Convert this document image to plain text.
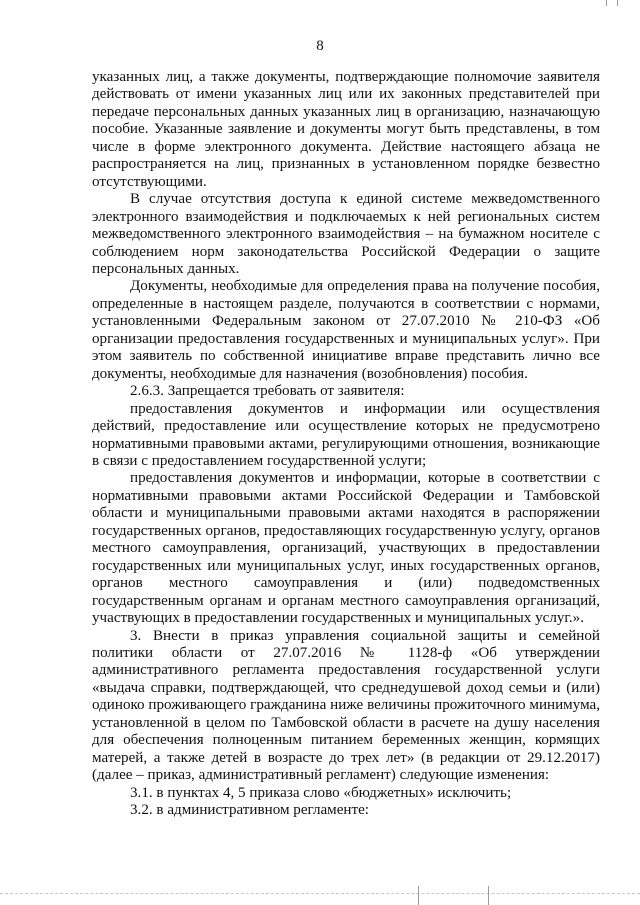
8

указанных лиц, а также документы, подтверждающие полномочие заявителя действовать от имени указанных лиц или их законных представителей при передаче персональных данных указанных лиц в организацию, назначающую пособие. Указанные заявление и документы могут быть представлены, в том числе в форме электронного документа. Действие настоящего абзаца не распространяется на лиц, признанных в установленном порядке безвестно отсутствующими.

В случае отсутствия доступа к единой системе межведомственного электронного взаимодействия и подключаемых к ней региональных систем межведомственного электронного взаимодействия – на бумажном носителе с соблюдением норм законодательства Российской Федерации о защите персональных данных.

Документы, необходимые для определения права на получение пособия, определенные в настоящем разделе, получаются в соответствии с нормами, установленными Федеральным законом от 27.07.2010 № 210-ФЗ «Об организации предоставления государственных и муниципальных услуг». При этом заявитель по собственной инициативе вправе представить лично все документы, необходимые для назначения (возобновления) пособия.

2.6.3. Запрещается требовать от заявителя:

предоставления документов и информации или осуществления действий, предоставление или осуществление которых не предусмотрено нормативными правовыми актами, регулирующими отношения, возникающие в связи с предоставлением государственной услуги;

предоставления документов и информации, которые в соответствии с нормативными правовыми актами Российской Федерации и Тамбовской области и муниципальными правовыми актами находятся в распоряжении государственных органов, предоставляющих государственную услугу, органов местного самоуправления, организаций, участвующих в предоставлении государственных или муниципальных услуг, иных государственных органов, органов местного самоуправления и (или) подведомственных государственным органам и органам местного самоуправления организаций, участвующих в предоставлении государственных и муниципальных услуг.».

3. Внести в приказ управления социальной защиты и семейной политики области от 27.07.2016 № 1128-ф «Об утверждении административного регламента предоставления государственной услуги «выдача справки, подтверждающей, что среднедушевой доход семьи и (или) одиноко проживающего гражданина ниже величины прожиточного минимума, установленной в целом по Тамбовской области в расчете на душу населения для обеспечения полноценным питанием беременных женщин, кормящих матерей, а также детей в возрасте до трех лет» (в редакции от 29.12.2017) (далее – приказ, административный регламент) следующие изменения:

3.1. в пунктах 4, 5 приказа слово «бюджетных» исключить;

3.2. в административном регламенте:
